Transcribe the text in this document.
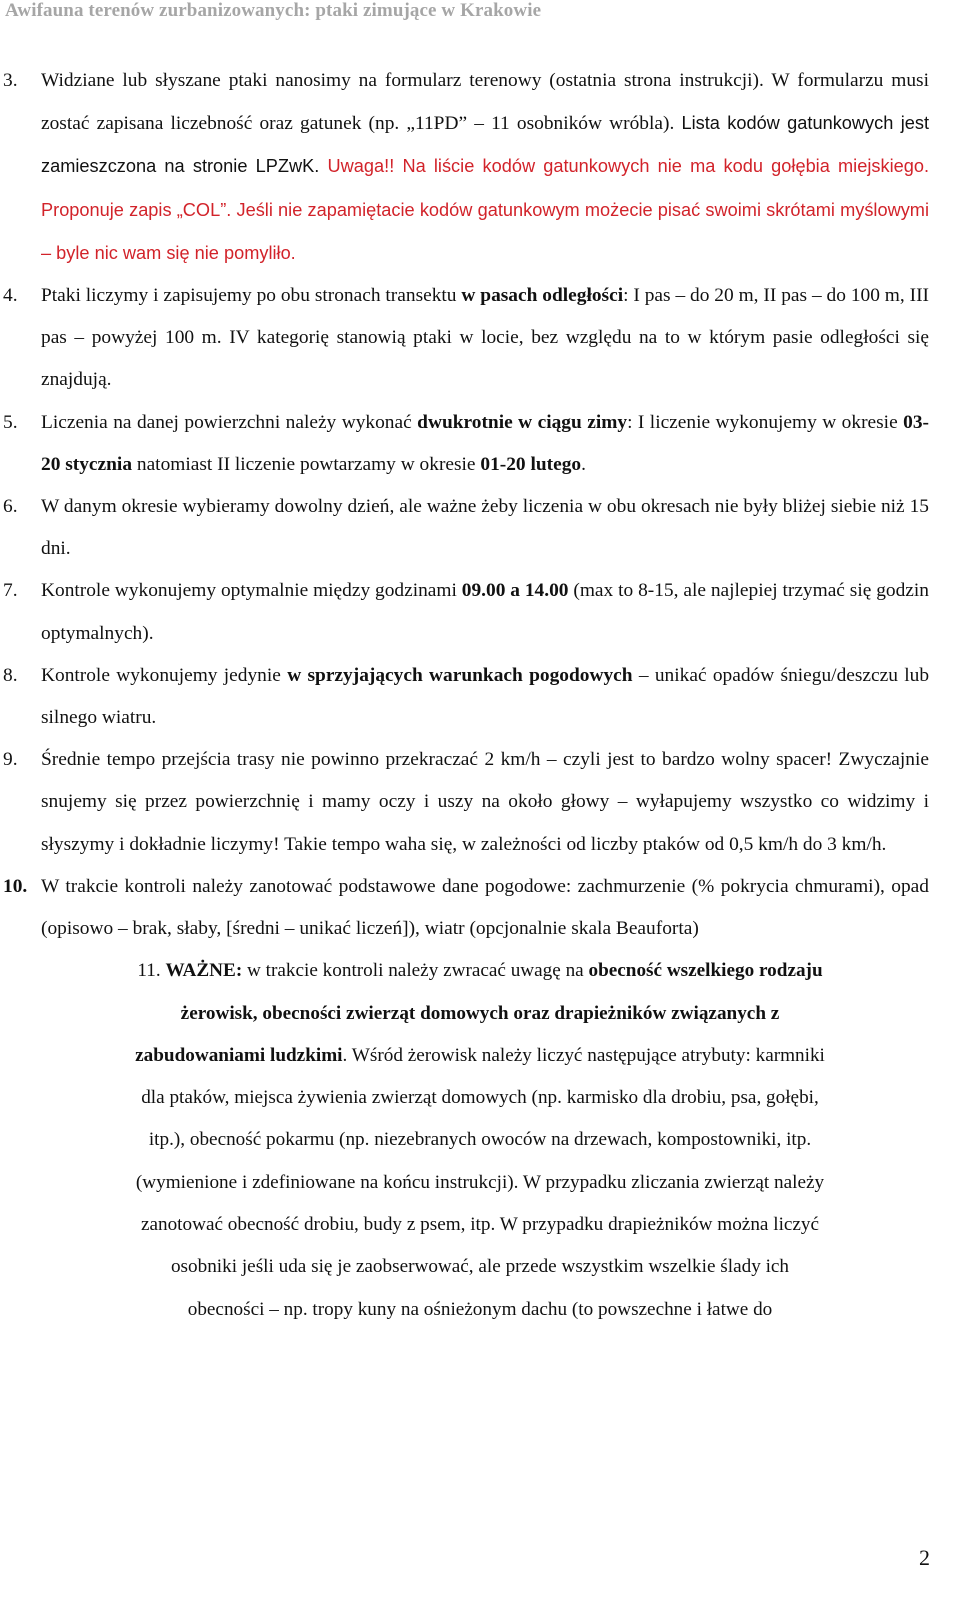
Awifauna terenów zurbanizowanych: ptaki zimujące w Krakowie
3. Widziane lub słyszane ptaki nanosimy na formularz terenowy (ostatnia strona instrukcji). W formularzu musi zostać zapisana liczebność oraz gatunek (np. „11PD” – 11 osobników wróbla). Lista kodów gatunkowych jest zamieszczona na stronie LPZwK. Uwaga!! Na liście kodów gatunkowych nie ma kodu gołębia miejskiego. Proponuje zapis „COL”. Jeśli nie zapamiętacie kodów gatunkowym możecie pisać swoimi skrótami myślowymi – byle nic wam się nie pomyliło.
4. Ptaki liczymy i zapisujemy po obu stronach transektu w pasach odległości: I pas – do 20 m, II pas – do 100 m, III pas – powyżej 100 m. IV kategorię stanowią ptaki w locie, bez względu na to w którym pasie odległości się znajdują.
5. Liczenia na danej powierzchni należy wykonać dwukrotnie w ciągu zimy: I liczenie wykonujemy w okresie 03-20 stycznia natomiast II liczenie powtarzamy w okresie 01-20 lutego.
6. W danym okresie wybieramy dowolny dzień, ale ważne żeby liczenia w obu okresach nie były bliżej siebie niż 15 dni.
7. Kontrole wykonujemy optymalnie między godzinami 09.00 a 14.00 (max to 8-15, ale najlepiej trzymać się godzin optymalnych).
8. Kontrole wykonujemy jedynie w sprzyjających warunkach pogodowych – unikać opadów śniegu/deszczu lub silnego wiatru.
9. Średnie tempo przejścia trasy nie powinno przekraczać 2 km/h – czyli jest to bardzo wolny spacer! Zwyczajnie snujemy się przez powierzchnię i mamy oczy i uszy na około głowy – wyłapujemy wszystko co widzimy i słyszymy i dokładnie liczymy! Takie tempo waha się, w zależności od liczby ptaków od 0,5 km/h do 3 km/h.
10. W trakcie kontroli należy zanotować podstawowe dane pogodowe: zachmurzenie (% pokrycia chmurami), opad (opisowo – brak, słaby, [średni – unikać liczeń]), wiatr (opcjonalnie skala Beauforta)
11. WAŻNE: w trakcie kontroli należy zwracać uwagę na obecność wszelkiego rodzaju
żerowisk, obecności zwierząt domowych oraz drapieżników związanych z
zabudowaniami ludzkimi. Wśród żerowisk należy liczyć następujące atrybuty: karmniki
dla ptaków, miejsca żywienia zwierząt domowych (np. karmisko dla drobiu, psa, gołębi,
itp.), obecność pokarmu (np. niezebranych owoców na drzewach, kompostowniki, itp.
(wymienione i zdefiniowane na końcu instrukcji). W przypadku zliczania zwierząt należy
zanotować obecność drobiu, budy z psem, itp. W przypadku drapieżników można liczyć
osobniki jeśli uda się je zaobserwować, ale przede wszystkim wszelkie ślady ich
obecności – np. tropy kuny na ośnieżonym dachu (to powszechne i łatwe do
2
